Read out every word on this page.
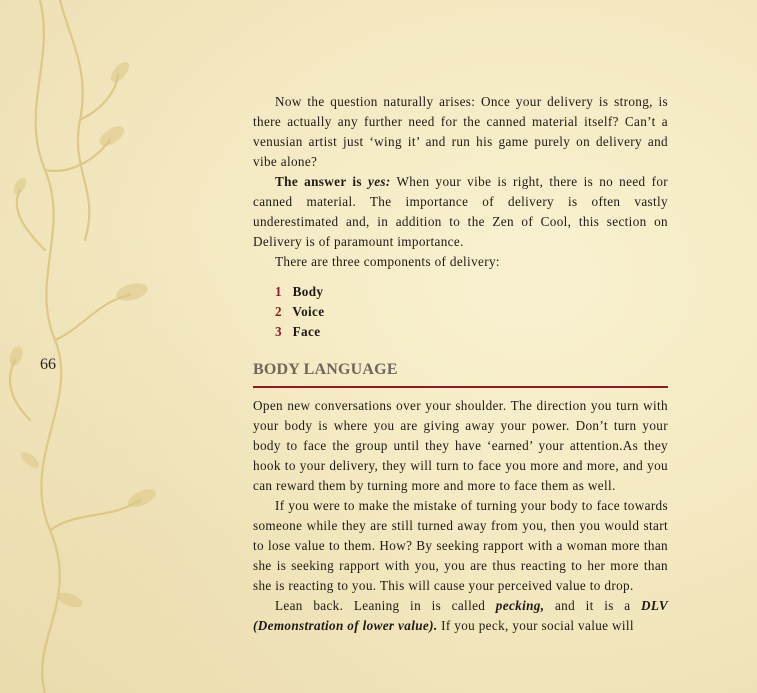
66

Now the question naturally arises: Once your delivery is strong, is there actually any further need for the canned material itself? Can’t a venusian artist just ‘wing it’ and run his game purely on delivery and vibe alone?

The answer is yes: When your vibe is right, there is no need for canned material. The importance of delivery is often vastly underestimated and, in addition to the Zen of Cool, this section on Delivery is of paramount importance.

There are three components of delivery:

1 Body
2 Voice
3 Face
BODY LANGUAGE

Open new conversations over your shoulder. The direction you turn with your body is where you are giving away your power. Don’t turn your body to face the group until they have ‘earned’ your attention.As they hook to your delivery, they will turn to face you more and more, and you can reward them by turning more and more to face them as well.

If you were to make the mistake of turning your body to face towards someone while they are still turned away from you, then you would start to lose value to them. How? By seeking rapport with a woman more than she is seeking rapport with you, you are thus reacting to her more than she is reacting to you. This will cause your perceived value to drop.

Lean back. Leaning in is called pecking, and it is a DLV (Demonstration of lower value). If you peck, your social value will
